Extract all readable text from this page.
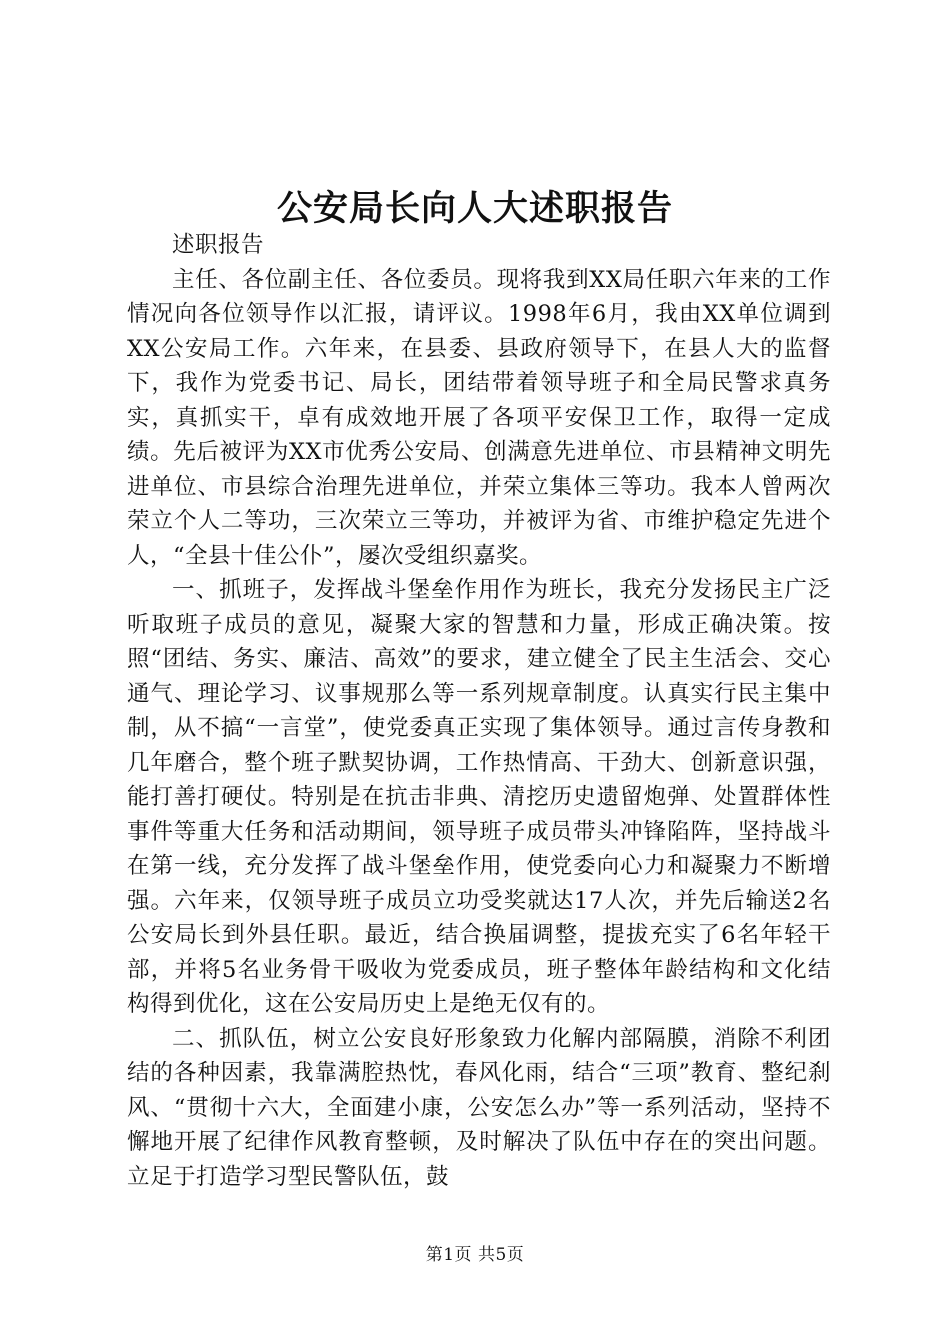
公安局长向人大述职报告

述职报告

主任、各位副主任、各位委员。现将我到XX局任职六年来的工作情况向各位领导作以汇报，请评议。1998年6月，我由XX单位调到XX公安局工作。六年来，在县委、县政府领导下，在县人大的监督下，我作为党委书记、局长，团结带着领导班子和全局民警求真务实，真抓实干，卓有成效地开展了各项平安保卫工作，取得一定成绩。先后被评为XX市优秀公安局、创满意先进单位、市县精神文明先进单位、市县综合治理先进单位，并荣立集体三等功。我本人曾两次荣立个人二等功，三次荣立三等功，并被评为省、市维护稳定先进个人，“全县十佳公仆”，屡次受组织嘉奖。

一、抓班子，发挥战斗堡垒作用作为班长，我充分发扬民主广泛听取班子成员的意见，凝聚大家的智慧和力量，形成正确决策。按照“团结、务实、廉洁、高效”的要求，建立健全了民主生活会、交心通气、理论学习、议事规那么等一系列规章制度。认真实行民主集中制，从不搞“一言堂”，使党委真正实现了集体领导。通过言传身教和几年磨合，整个班子默契协调，工作热情高、干劲大、创新意识强，能打善打硬仗。特别是在抗击非典、清挖历史遗留炮弹、处置群体性事件等重大任务和活动期间，领导班子成员带头冲锋陷阵，坚持战斗在第一线，充分发挥了战斗堡垒作用，使党委向心力和凝聚力不断增强。六年来，仅领导班子成员立功受奖就达17人次，并先后输送2名公安局长到外县任职。最近，结合换届调整，提拔充实了6名年轻干部，并将5名业务骨干吸收为党委成员，班子整体年龄结构和文化结构得到优化，这在公安局历史上是绝无仅有的。

二、抓队伍，树立公安良好形象致力化解内部隔膜，消除不利团结的各种因素，我靠满腔热忱，春风化雨，结合“三项”教育、整纪刹风、“贯彻十六大，全面建小康，公安怎么办”等一系列活动，坚持不懈地开展了纪律作风教育整顿，及时解决了队伍中存在的突出问题。立足于打造学习型民警队伍，鼓

第1页 共5页
